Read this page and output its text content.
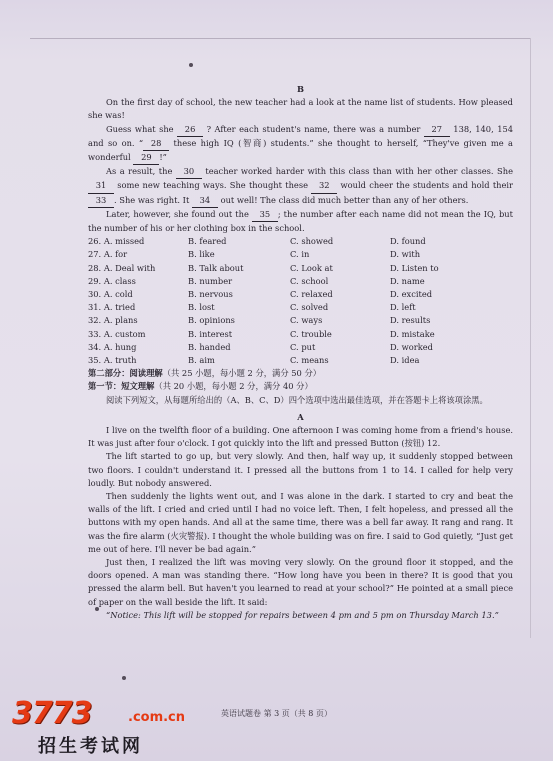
B

On the first day of school, the new teacher had a look at the name list of students. How pleased she was!

Guess what she 26 ? After each student's name, there was a number 27 138, 140, 154 and so on. “ 28 these high IQ (智商) students.” she thought to herself, “They've given me a wonderful 29 !”

As a result, the 30 teacher worked harder with this class than with her other classes. She 31 some new teaching ways. She thought these 32 would cheer the students and hold their 33 . She was right. It 34 out well! The class did much better than any of her others.

Later, however, she found out the 35 ; the number after each name did not mean the IQ, but the number of his or her clothing box in the school.

26. A. missed	B. feared	C. showed	D. found
27. A. for	B. like	C. in	D. with
28. A. Deal with	B. Talk about	C. Look at	D. Listen to
29. A. class	B. number	C. school	D. name
30. A. cold	B. nervous	C. relaxed	D. excited
31. A. tried	B. lost	C. solved	D. left
32. A. plans	B. opinions	C. ways	D. results
33. A. custom	B. interest	C. trouble	D. mistake
34. A. hung	B. handed	C. put	D. worked
35. A. truth	B. aim	C. means	D. idea

第二部分：阅读理解（共 25 小题，每小题 2 分，满分 50 分）

第一节：短文理解（共 20 小题，每小题 2 分，满分 40 分）

阅读下列短文，从每题所给出的（A、B、C、D）四个选项中选出最佳选项，并在答题卡上将该项涂黑。

A

I live on the twelfth floor of a building. One afternoon I was coming home from a friend's house. It was just after four o'clock. I got quickly into the lift and pressed Button (按钮) 12.

The lift started to go up, but very slowly. And then, half way up, it suddenly stopped between two floors. I couldn't understand it. I pressed all the buttons from 1 to 14. I called for help very loudly. But nobody answered.

Then suddenly the lights went out, and I was alone in the dark. I started to cry and beat the walls of the lift. I cried and cried until I had no voice left. Then, I felt hopeless, and pressed all the buttons with my open hands. And all at the same time, there was a bell far away. It rang and rang. It was the fire alarm (火灾警报). I thought the whole building was on fire. I said to God quietly, “Just get me out of here. I'll never be bad again.”

Just then, I realized the lift was moving very slowly. On the ground floor it stopped, and the doors opened. A man was standing there. “How long have you been in there? It is good that you pressed the alarm bell. But haven't you learned to read at your school?” He pointed at a small piece of paper on the wall beside the lift. It said:

“Notice: This lift will be stopped for repairs between 4 pm and 5 pm on Thursday March 13.”

英语试题卷 第 3 页（共 8 页）
3773	.com.cn
招生考试网
